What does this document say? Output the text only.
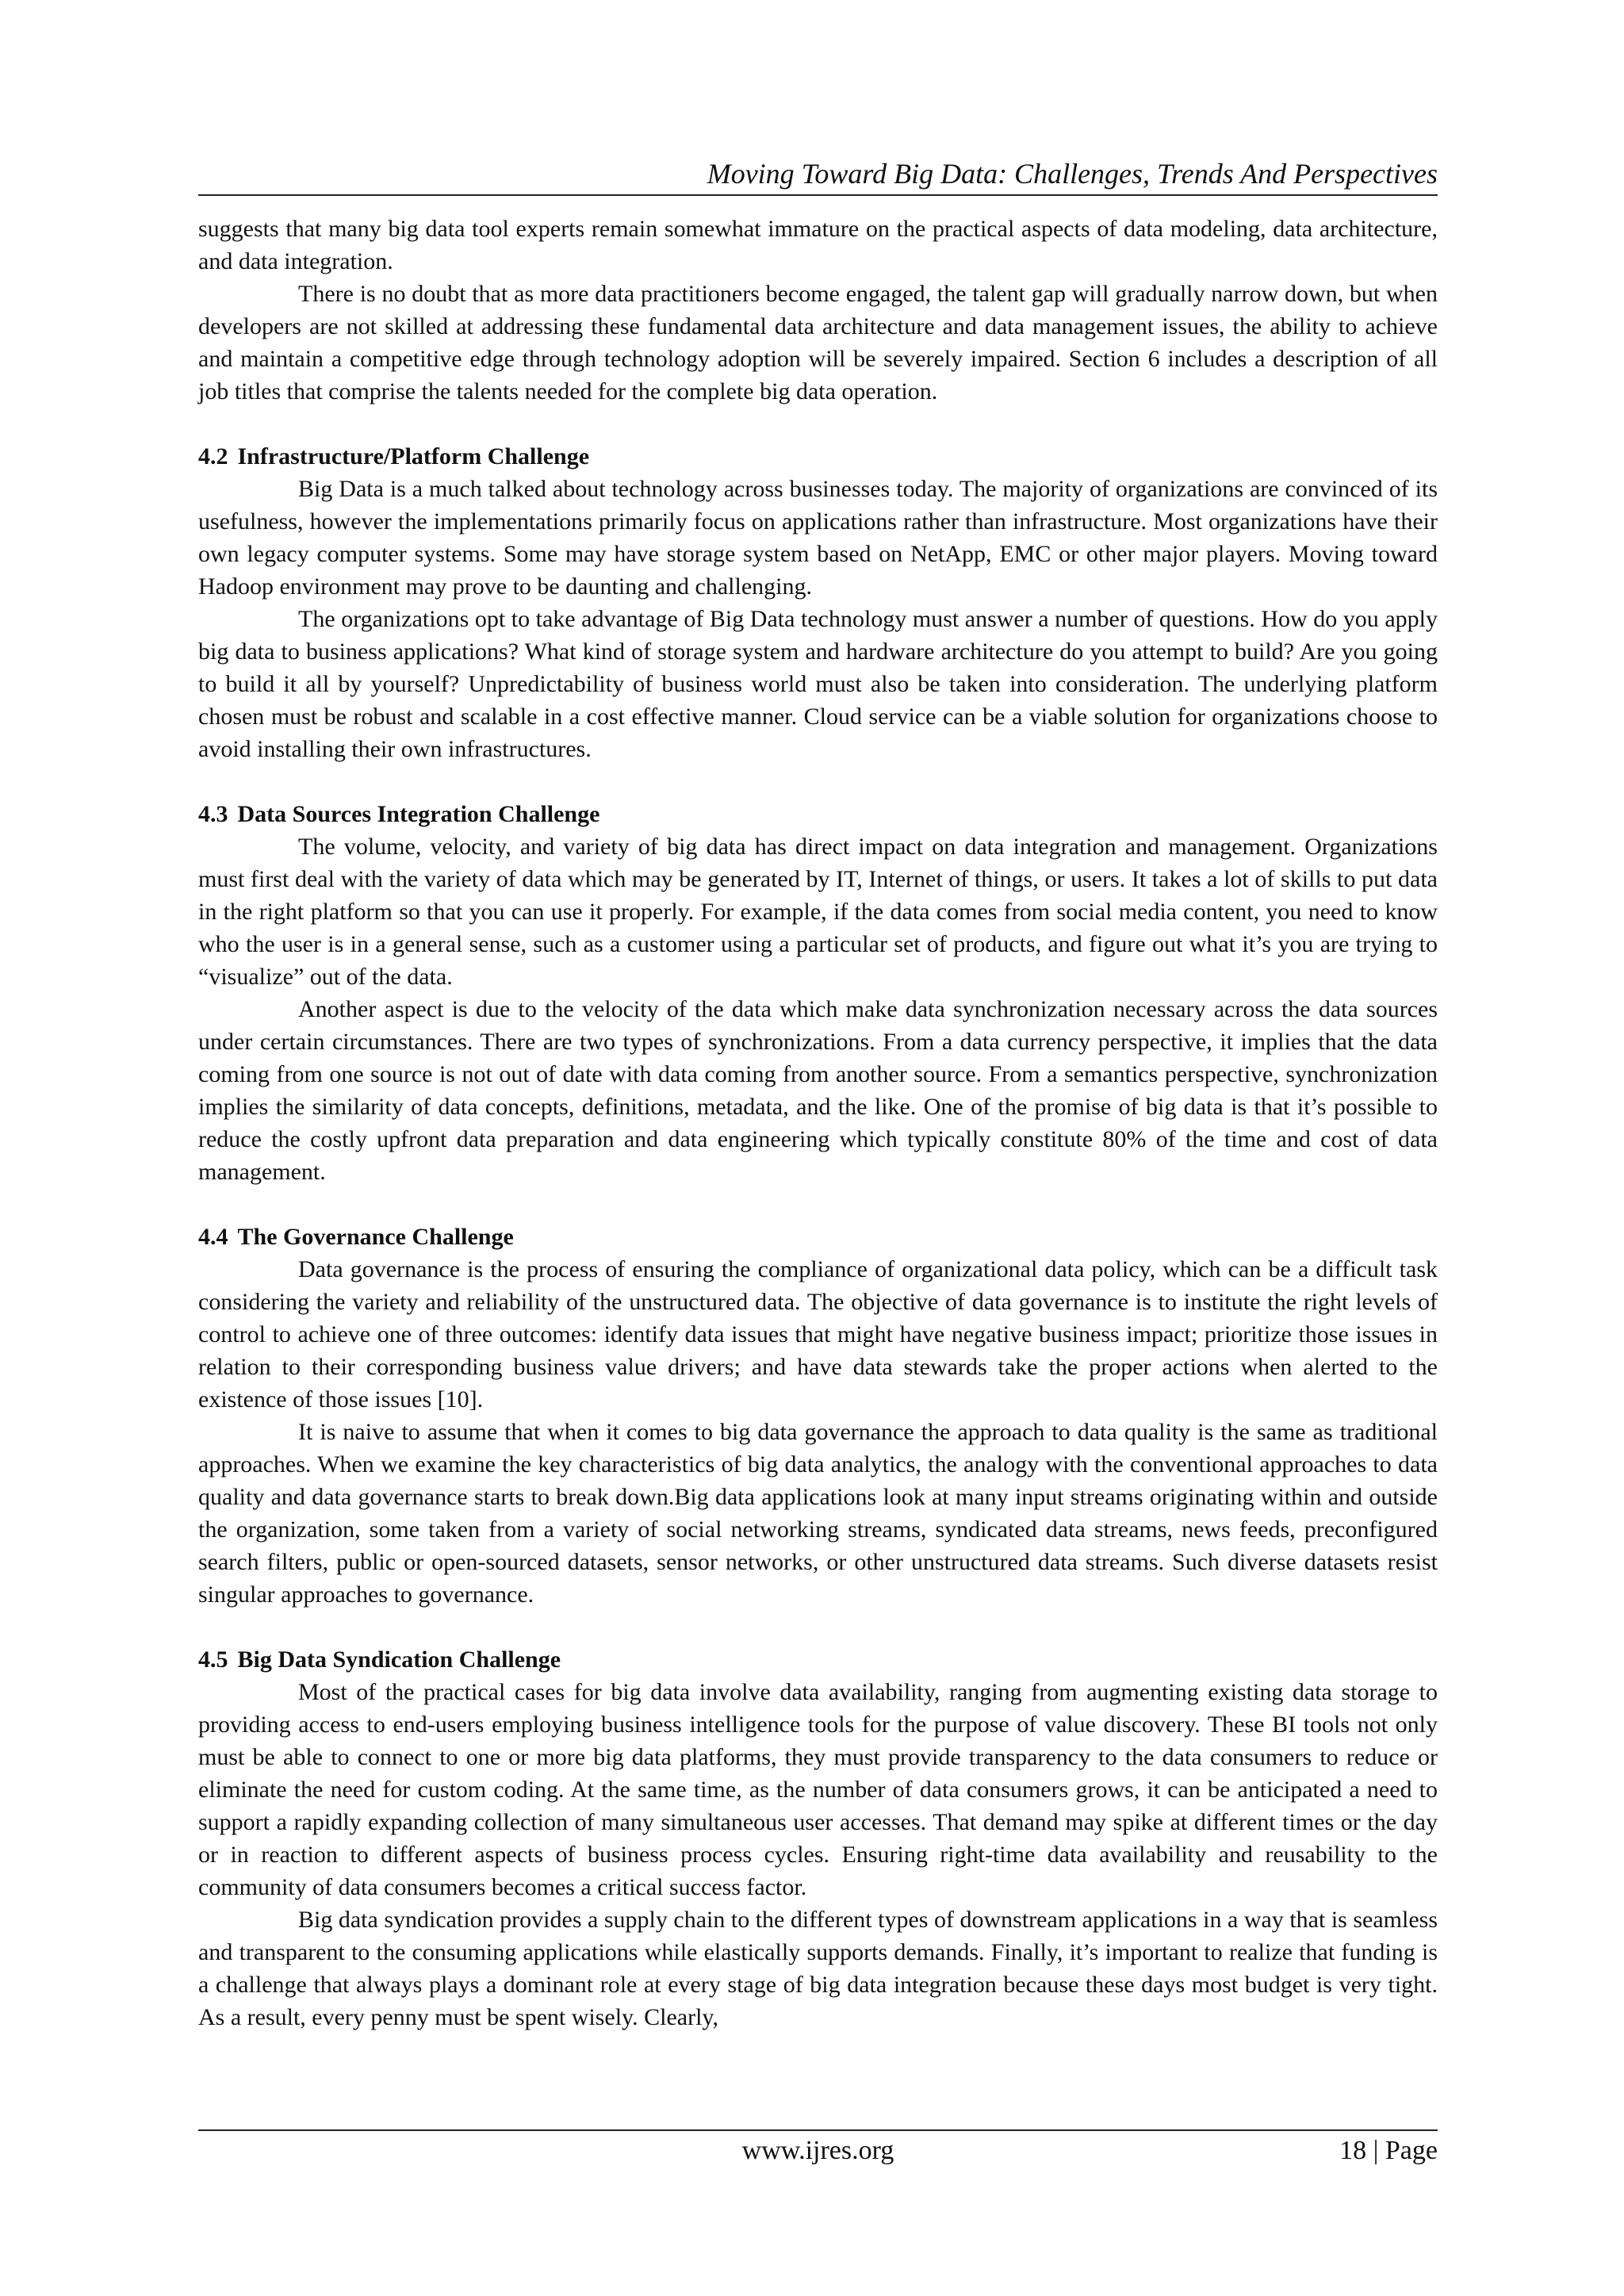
Moving Toward Big Data: Challenges, Trends And Perspectives

suggests that many big data tool experts remain somewhat immature on the practical aspects of data modeling, data architecture, and data integration.

There is no doubt that as more data practitioners become engaged, the talent gap will gradually narrow down, but when developers are not skilled at addressing these fundamental data architecture and data management issues, the ability to achieve and maintain a competitive edge through technology adoption will be severely impaired. Section 6 includes a description of all job titles that comprise the talents needed for the complete big data operation.

4.2 Infrastructure/Platform Challenge

Big Data is a much talked about technology across businesses today. The majority of organizations are convinced of its usefulness, however the implementations primarily focus on applications rather than infrastructure. Most organizations have their own legacy computer systems. Some may have storage system based on NetApp, EMC or other major players. Moving toward Hadoop environment may prove to be daunting and challenging.

The organizations opt to take advantage of Big Data technology must answer a number of questions. How do you apply big data to business applications? What kind of storage system and hardware architecture do you attempt to build? Are you going to build it all by yourself? Unpredictability of business world must also be taken into consideration. The underlying platform chosen must be robust and scalable in a cost effective manner. Cloud service can be a viable solution for organizations choose to avoid installing their own infrastructures.

4.3 Data Sources Integration Challenge

The volume, velocity, and variety of big data has direct impact on data integration and management. Organizations must first deal with the variety of data which may be generated by IT, Internet of things, or users. It takes a lot of skills to put data in the right platform so that you can use it properly. For example, if the data comes from social media content, you need to know who the user is in a general sense, such as a customer using a particular set of products, and figure out what it’s you are trying to “visualize” out of the data.

Another aspect is due to the velocity of the data which make data synchronization necessary across the data sources under certain circumstances. There are two types of synchronizations. From a data currency perspective, it implies that the data coming from one source is not out of date with data coming from another source. From a semantics perspective, synchronization implies the similarity of data concepts, definitions, metadata, and the like. One of the promise of big data is that it’s possible to reduce the costly upfront data preparation and data engineering which typically constitute 80% of the time and cost of data management.

4.4 The Governance Challenge

Data governance is the process of ensuring the compliance of organizational data policy, which can be a difficult task considering the variety and reliability of the unstructured data. The objective of data governance is to institute the right levels of control to achieve one of three outcomes: identify data issues that might have negative business impact; prioritize those issues in relation to their corresponding business value drivers; and have data stewards take the proper actions when alerted to the existence of those issues [10].

It is naive to assume that when it comes to big data governance the approach to data quality is the same as traditional approaches. When we examine the key characteristics of big data analytics, the analogy with the conventional approaches to data quality and data governance starts to break down.Big data applications look at many input streams originating within and outside the organization, some taken from a variety of social networking streams, syndicated data streams, news feeds, preconfigured search filters, public or open-sourced datasets, sensor networks, or other unstructured data streams. Such diverse datasets resist singular approaches to governance.

4.5 Big Data Syndication Challenge

Most of the practical cases for big data involve data availability, ranging from augmenting existing data storage to providing access to end-users employing business intelligence tools for the purpose of value discovery. These BI tools not only must be able to connect to one or more big data platforms, they must provide transparency to the data consumers to reduce or eliminate the need for custom coding. At the same time, as the number of data consumers grows, it can be anticipated a need to support a rapidly expanding collection of many simultaneous user accesses. That demand may spike at different times or the day or in reaction to different aspects of business process cycles. Ensuring right-time data availability and reusability to the community of data consumers becomes a critical success factor.

Big data syndication provides a supply chain to the different types of downstream applications in a way that is seamless and transparent to the consuming applications while elastically supports demands. Finally, it’s important to realize that funding is a challenge that always plays a dominant role at every stage of big data integration because these days most budget is very tight. As a result, every penny must be spent wisely. Clearly,

www.ijres.org	18 | Page
